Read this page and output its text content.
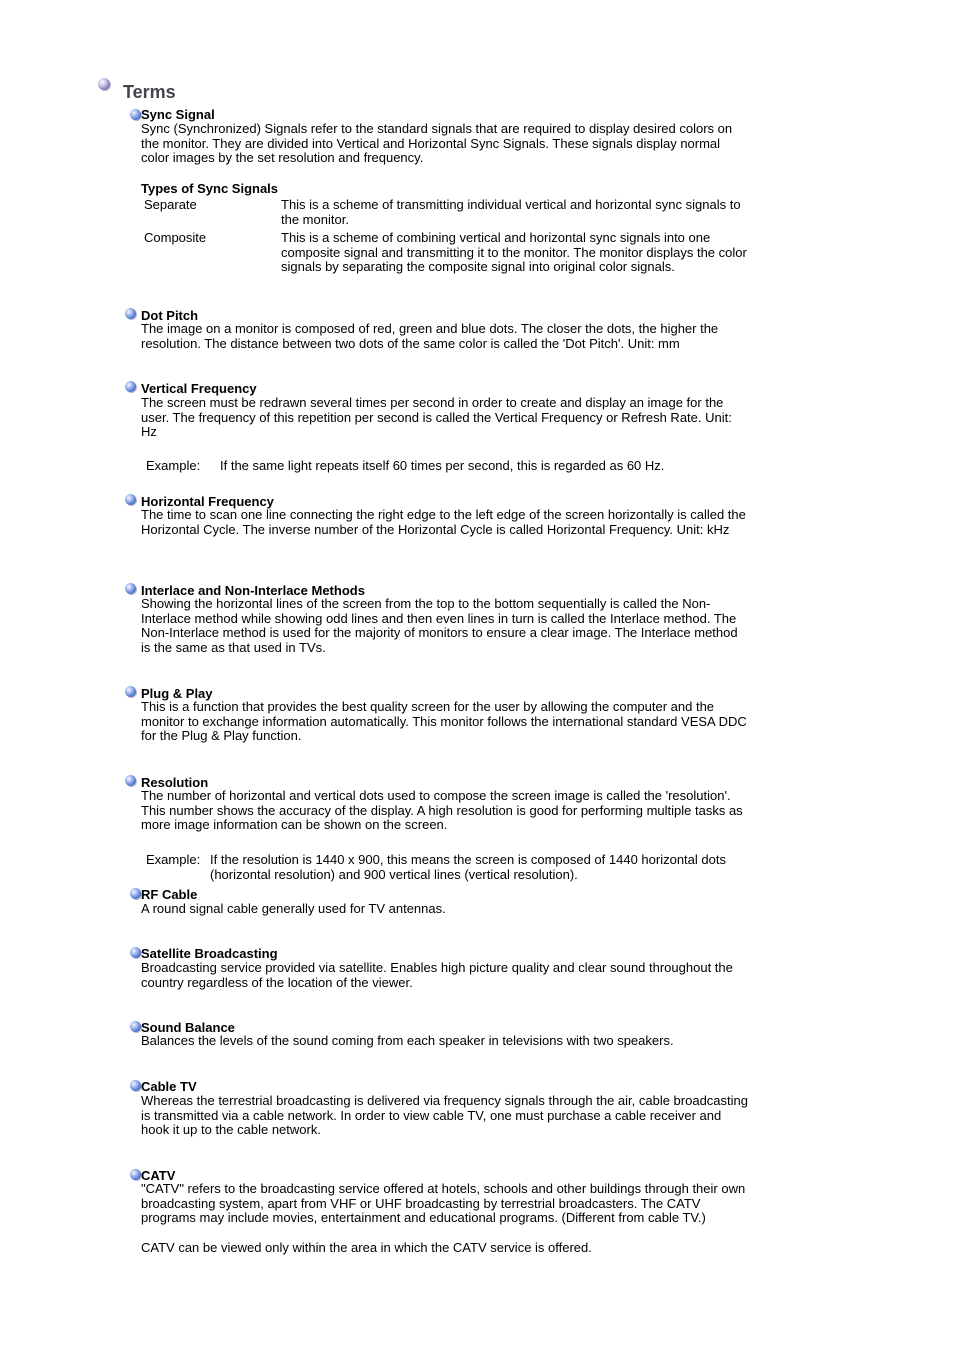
Terms
Sync Signal

Sync (Synchronized) Signals refer to the standard signals that are required to display desired colors on the monitor. They are divided into Vertical and Horizontal Sync Signals. These signals display normal color images by the set resolution and frequency.

Types of Sync Signals
Separate	This is a scheme of transmitting individual vertical and horizontal sync signals to the monitor.
Composite	This is a scheme of combining vertical and horizontal sync signals into one composite signal and transmitting it to the monitor. The monitor displays the color signals by separating the composite signal into original color signals.
Dot Pitch

The image on a monitor is composed of red, green and blue dots. The closer the dots, the higher the resolution. The distance between two dots of the same color is called the 'Dot Pitch'. Unit: mm

Vertical Frequency

The screen must be redrawn several times per second in order to create and display an image for the user. The frequency of this repetition per second is called the Vertical Frequency or Refresh Rate. Unit: Hz

Example: If the same light repeats itself 60 times per second, this is regarded as 60 Hz.
Horizontal Frequency

The time to scan one line connecting the right edge to the left edge of the screen horizontally is called the Horizontal Cycle. The inverse number of the Horizontal Cycle is called Horizontal Frequency. Unit: kHz

Interlace and Non-Interlace Methods

Showing the horizontal lines of the screen from the top to the bottom sequentially is called the Non-Interlace method while showing odd lines and then even lines in turn is called the Interlace method. The Non-Interlace method is used for the majority of monitors to ensure a clear image. The Interlace method is the same as that used in TVs.

Plug & Play

This is a function that provides the best quality screen for the user by allowing the computer and the monitor to exchange information automatically. This monitor follows the international standard VESA DDC for the Plug & Play function.

Resolution

The number of horizontal and vertical dots used to compose the screen image is called the 'resolution'. This number shows the accuracy of the display. A high resolution is good for performing multiple tasks as more image information can be shown on the screen.

Example: If the resolution is 1440 x 900, this means the screen is composed of 1440 horizontal dots (horizontal resolution) and 900 vertical lines (vertical resolution).
RF Cable

A round signal cable generally used for TV antennas.

Satellite Broadcasting

Broadcasting service provided via satellite. Enables high picture quality and clear sound throughout the country regardless of the location of the viewer.

Sound Balance

Balances the levels of the sound coming from each speaker in televisions with two speakers.

Cable TV

Whereas the terrestrial broadcasting is delivered via frequency signals through the air, cable broadcasting is transmitted via a cable network. In order to view cable TV, one must purchase a cable receiver and hook it up to the cable network.

CATV

"CATV" refers to the broadcasting service offered at hotels, schools and other buildings through their own broadcasting system, apart from VHF or UHF broadcasting by terrestrial broadcasters. The CATV programs may include movies, entertainment and educational programs. (Different from cable TV.)

CATV can be viewed only within the area in which the CATV service is offered.
